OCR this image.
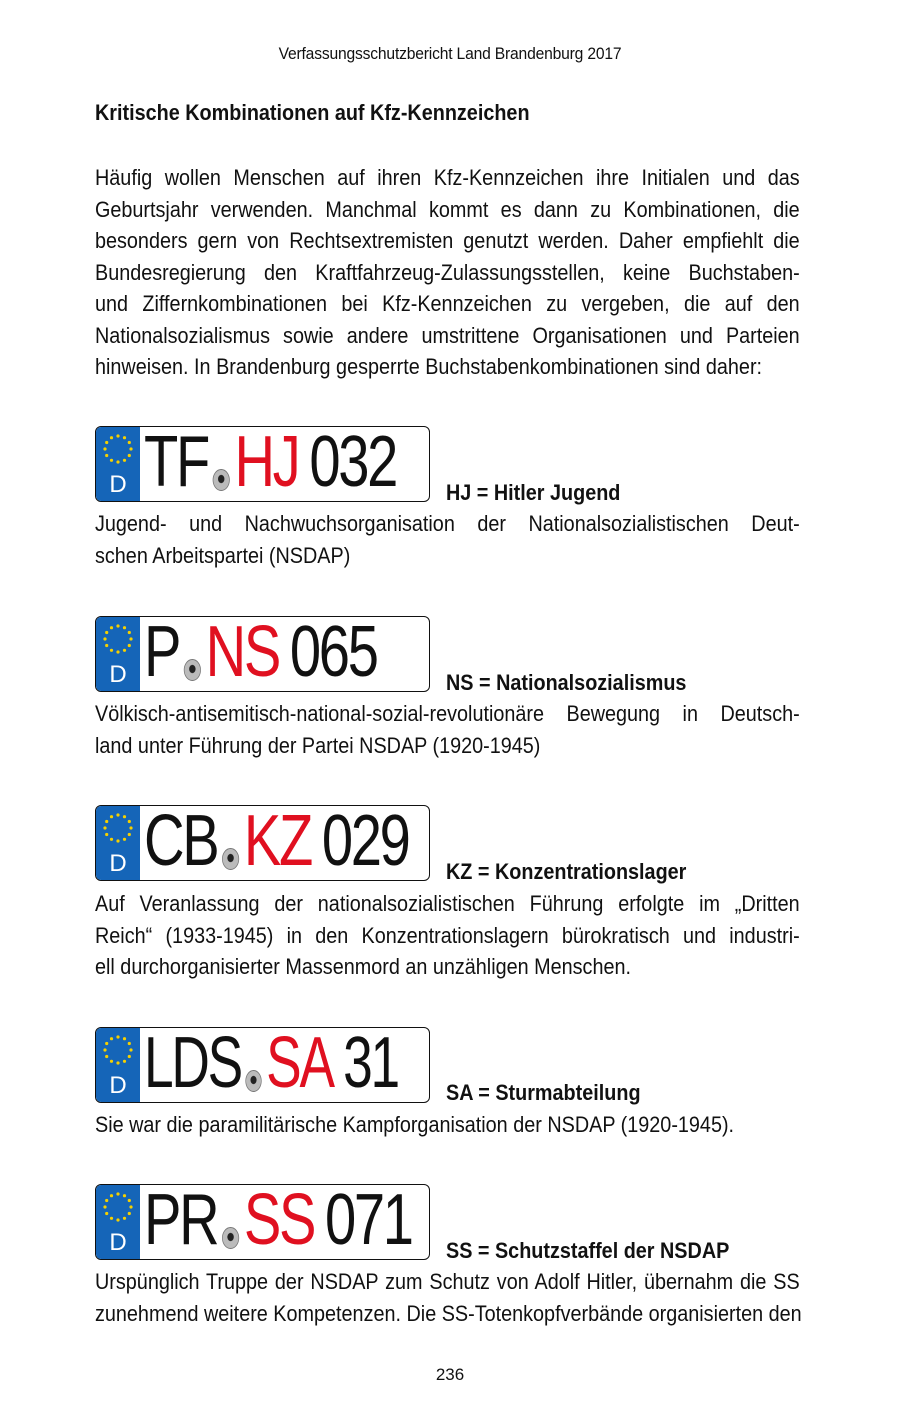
Verfassungsschutzbericht Land Brandenburg 2017
Kritische Kombinationen auf Kfz-Kennzeichen
Häufig wollen Menschen auf ihren Kfz-Kennzeichen ihre Initialen und das
Geburtsjahr verwenden. Manchmal kommt es dann zu Kombinationen, die
besonders gern von Rechtsextremisten genutzt werden. Daher empfiehlt die
Bundesregierung den Kraftfahrzeug-Zulassungsstellen, keine Buchstaben-
und Ziffernkombinationen bei Kfz-Kennzeichen zu vergeben, die auf den
Nationalsozialismus sowie andere umstrittene Organisationen und Parteien
hinweisen. In Brandenburg gesperrte Buchstabenkombinationen sind daher:
D TF HJ 032 HJ = Hitler Jugend
Jugend- und Nachwuchsorganisation der Nationalsozialistischen Deut-
schen Arbeitspartei (NSDAP)
D P NS 065	NS = Nationalsozialismus
Völkisch-antisemitisch-national-sozial-revolutionäre Bewegung in Deutsch-
land unter Führung der Partei NSDAP (1920-1945)
D CB KZ 029 KZ = Konzentrationslager
Auf Veranlassung der nationalsozialistischen Führung erfolgte im „Dritten
Reich“ (1933-1945) in den Konzentrationslagern bürokratisch und industri-
ell durchorganisierter Massenmord an unzähligen Menschen.
D LDS SA 31 SA = Sturmabteilung
Sie war die paramilitärische Kampforganisation der NSDAP (1920-1945).
D PR SS 071 SS = Schutzstaffel der NSDAP
Urspünglich Truppe der NSDAP zum Schutz von Adolf Hitler, übernahm die SS
zunehmend weitere Kompetenzen. Die SS-Totenkopfverbände organisierten den
236
